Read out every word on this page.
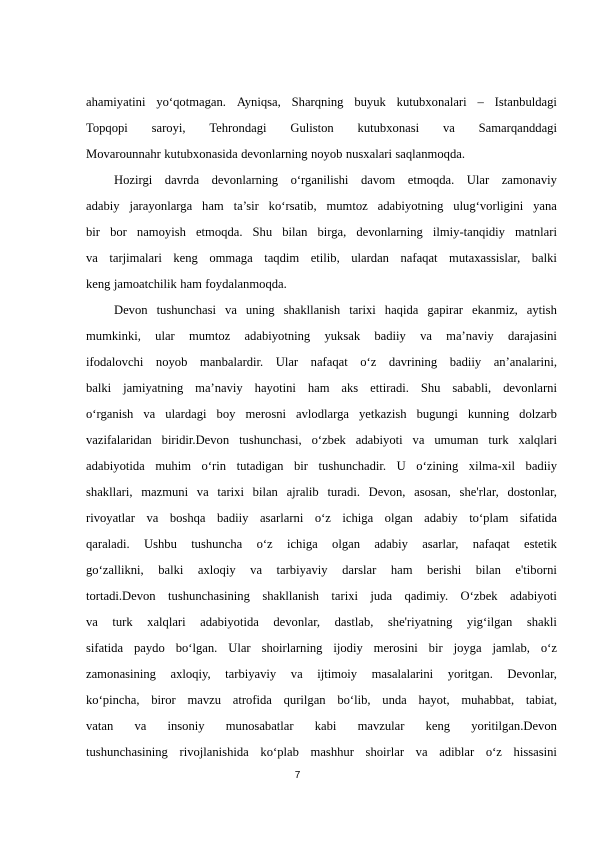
ahamiyatini yo‘qotmagan. Ayniqsa, Sharqning buyuk kutubxonalari – Istanbuldagi
Topqopi saroyi, Tehrondagi Guliston kutubxonasi va Samarqanddagi
Movarounnahr kutubxonasida devonlarning noyob nusxalari saqlanmoqda.
Hozirgi davrda devonlarning o‘rganilishi davom etmoqda. Ular zamonaviy
adabiy jarayonlarga ham ta’sir ko‘rsatib, mumtoz adabiyotning ulug‘vorligini yana
bir bor namoyish etmoqda. Shu bilan birga, devonlarning ilmiy-tanqidiy matnlari
va tarjimalari keng ommaga taqdim etilib, ulardan nafaqat mutaxassislar, balki
keng jamoatchilik ham foydalanmoqda.
Devon tushunchasi va uning shakllanish tarixi haqida gapirar ekanmiz, aytish
mumkinki, ular mumtoz adabiyotning yuksak badiiy va ma’naviy darajasini
ifodalovchi noyob manbalardir. Ular nafaqat o‘z davrining badiiy an’analarini,
balki jamiyatning ma’naviy hayotini ham aks ettiradi. Shu sababli, devonlarni
o‘rganish va ulardagi boy merosni avlodlarga yetkazish bugungi kunning dolzarb
vazifalaridan biridir.Devon tushunchasi, o‘zbek adabiyoti va umuman turk xalqlari
adabiyotida muhim o‘rin tutadigan bir tushunchadir. U o‘zining xilma-xil badiiy
shakllari, mazmuni va tarixi bilan ajralib turadi. Devon, asosan, she'rlar, dostonlar,
rivoyatlar va boshqa badiiy asarlarni o‘z ichiga olgan adabiy to‘plam sifatida
qaraladi. Ushbu tushuncha o‘z ichiga olgan adabiy asarlar, nafaqat estetik
go‘zallikni, balki axloqiy va tarbiyaviy darslar ham berishi bilan e'tiborni
tortadi.Devon tushunchasining shakllanish tarixi juda qadimiy. O‘zbek adabiyoti
va turk xalqlari adabiyotida devonlar, dastlab, she'riyatning yig‘ilgan shakli
sifatida paydo bo‘lgan. Ular shoirlarning ijodiy merosini bir joyga jamlab, o‘z
zamonasining axloqiy, tarbiyaviy va ijtimoiy masalalarini yoritgan. Devonlar,
ko‘pincha, biror mavzu atrofida qurilgan bo‘lib, unda hayot, muhabbat, tabiat,
vatan va insoniy munosabatlar kabi mavzular keng yoritilgan.Devon
tushunchasining rivojlanishida ko‘plab mashhur shoirlar va adiblar o‘z hissasini
7
